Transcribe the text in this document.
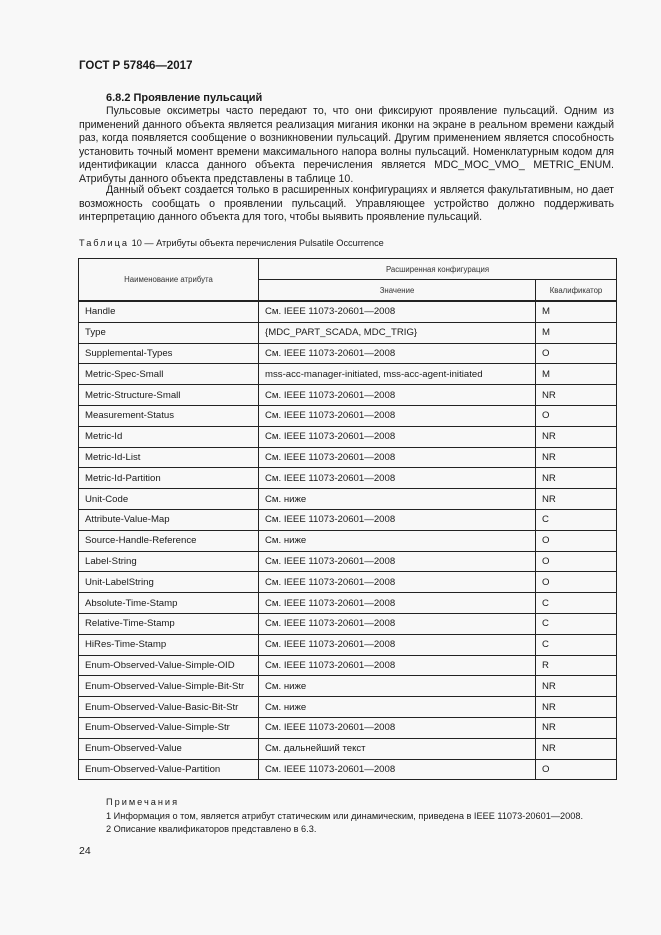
ГОСТ Р 57846—2017
6.8.2 Проявление пульсаций

Пульсовые оксиметры часто передают то, что они фиксируют проявление пульсаций. Одним из применений данного объекта является реализация мигания иконки на экране в реальном времени каждый раз, когда появляется сообщение о возникновении пульсаций. Другим применением является способность установить точный момент времени максимального напора волны пульсаций. Номенклатурным кодом для идентификации класса данного объекта перечисления является MDC_MOC_VMO_ METRIC_ENUM. Атрибуты данного объекта представлены в таблице 10.

Данный объект создается только в расширенных конфигурациях и является факультативным, но дает возможность сообщать о проявлении пульсаций. Управляющее устройство должно поддерживать интерпретацию данного объекта для того, чтобы выявить проявление пульсаций.

Таблица 10 — Атрибуты объекта перечисления Pulsatile Occurrence
Наименование атрибута	Расширенная конфигурация	
	Значение	Квалификатор
Handle	См. IEEE 11073-20601—2008	M
Type	{MDC_PART_SCADA, MDC_TRIG}	M
Supplemental-Types	См. IEEE 11073-20601—2008	O
Metric-Spec-Small	mss-acc-manager-initiated, mss-acc-agent-initiated	M
Metric-Structure-Small	См. IEEE 11073-20601—2008	NR
Measurement-Status	См. IEEE 11073-20601—2008	O
Metric-Id	См. IEEE 11073-20601—2008	NR
Metric-Id-List	См. IEEE 11073-20601—2008	NR
Metric-Id-Partition	См. IEEE 11073-20601—2008	NR
Unit-Code	См. ниже	NR
Attribute-Value-Map	См. IEEE 11073-20601—2008	C
Source-Handle-Reference	См. ниже	O
Label-String	См. IEEE 11073-20601—2008	O
Unit-LabelString	См. IEEE 11073-20601—2008	O
Absolute-Time-Stamp	См. IEEE 11073-20601—2008	C
Relative-Time-Stamp	См. IEEE 11073-20601—2008	C
HiRes-Time-Stamp	См. IEEE 11073-20601—2008	C
Enum-Observed-Value-Simple-OID	См. IEEE 11073-20601—2008	R
Enum-Observed-Value-Simple-Bit-Str	См. ниже	NR
Enum-Observed-Value-Basic-Bit-Str	См. ниже	NR
Enum-Observed-Value-Simple-Str	См. IEEE 11073-20601—2008	NR
Enum-Observed-Value	См. дальнейший текст	NR
Enum-Observed-Value-Partition	См. IEEE 11073-20601—2008	O
Примечания
1 Информация о том, является атрибут статическим или динамическим, приведена в IEEE 11073-20601—2008.
2 Описание квалификаторов представлено в 6.3.
24
